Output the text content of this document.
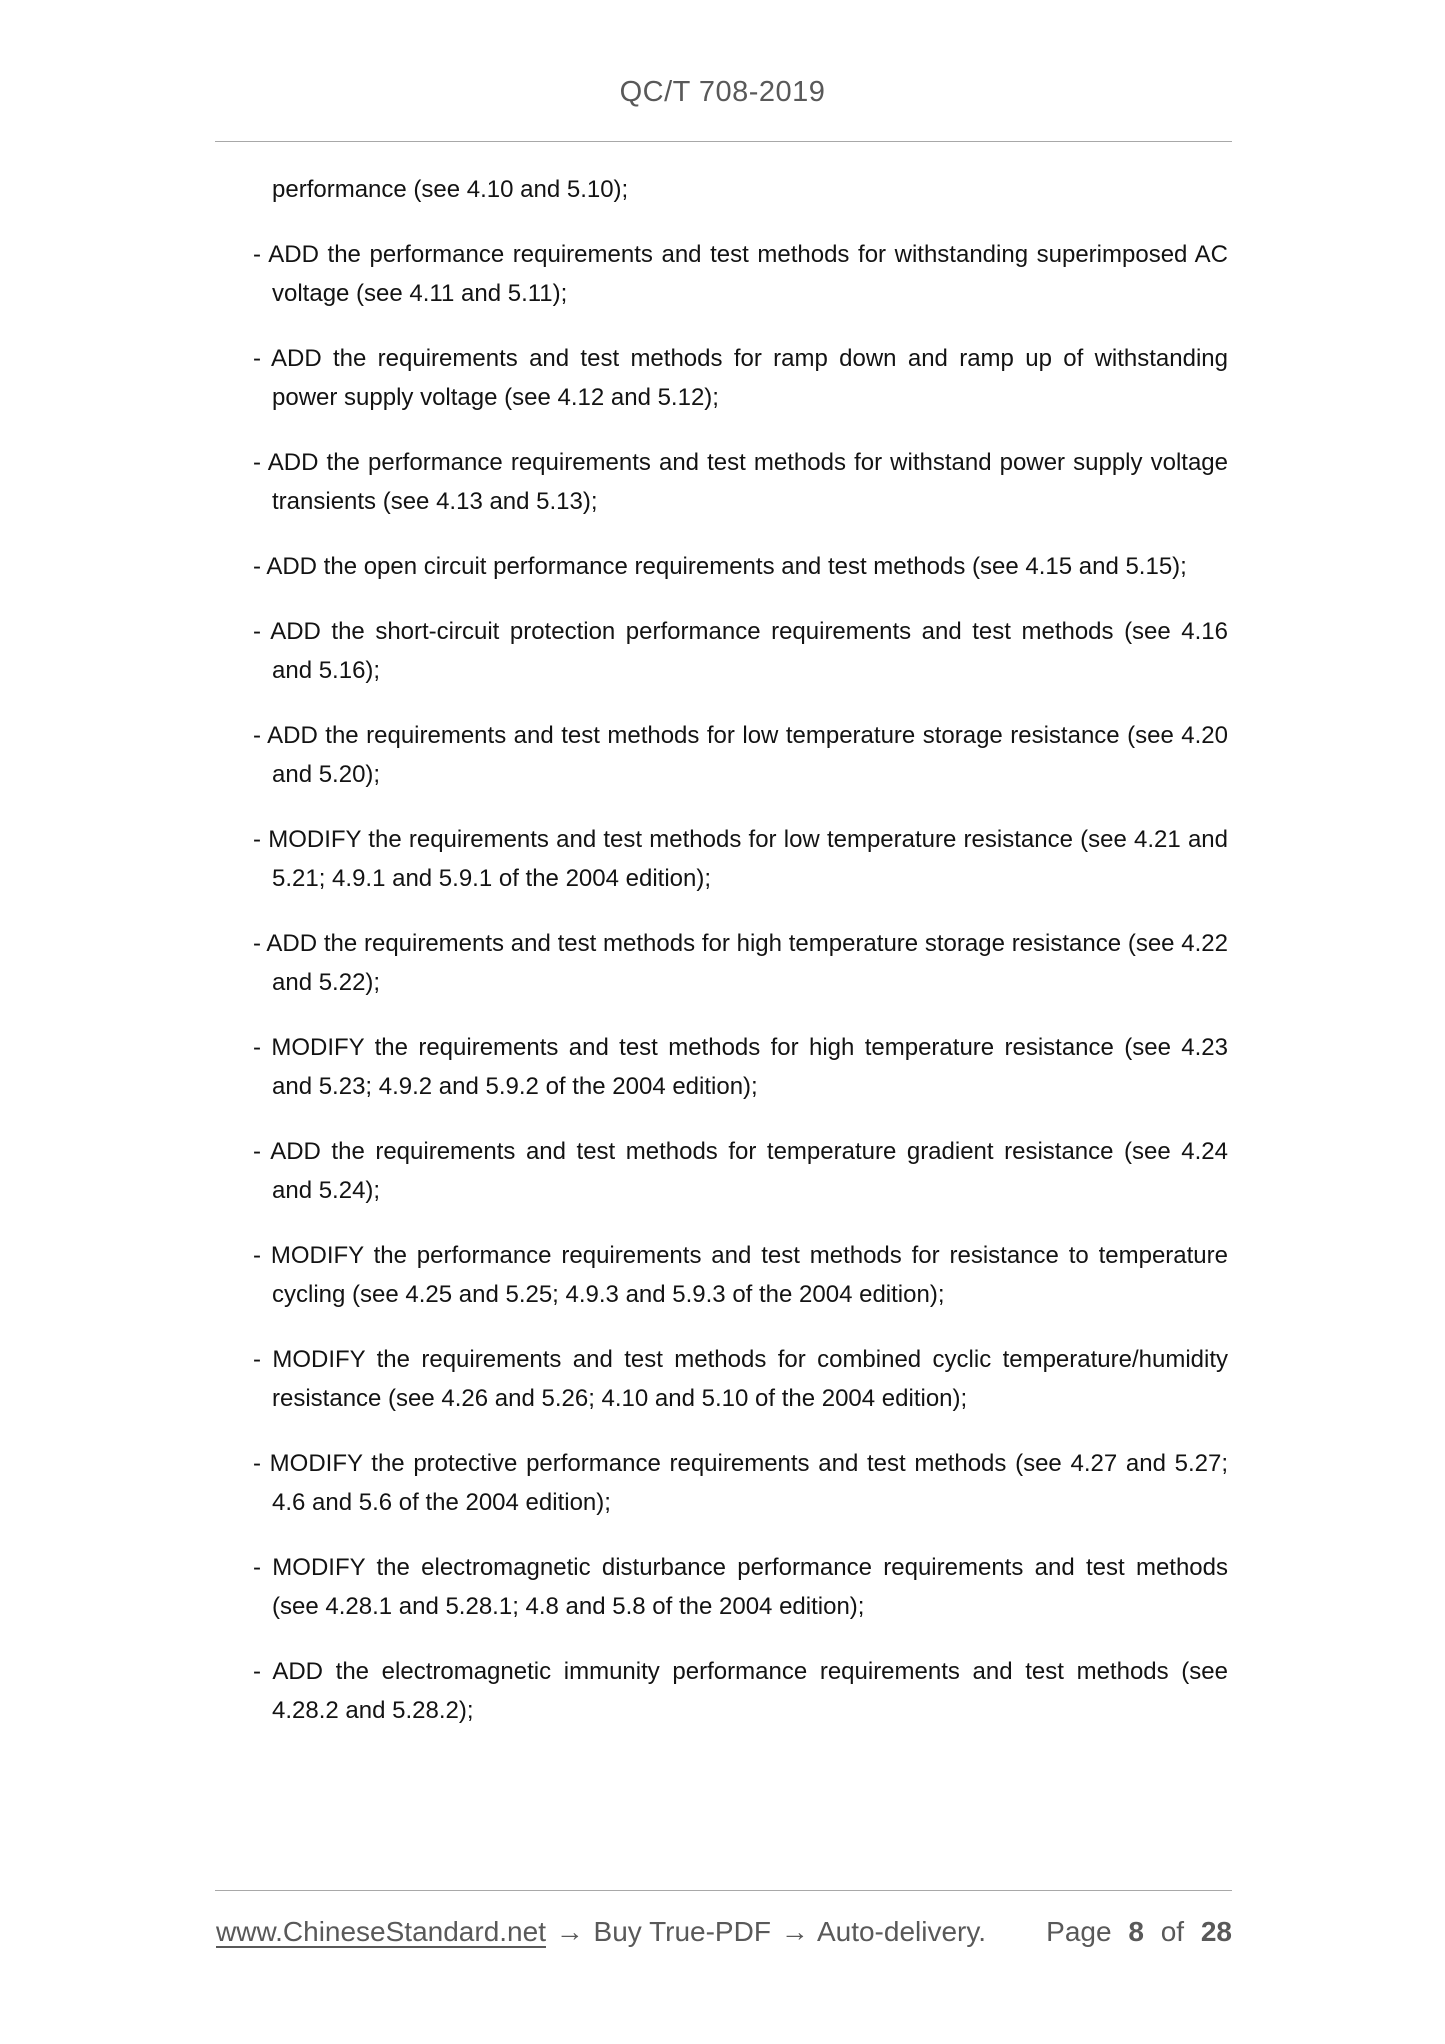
QC/T 708-2019

performance (see 4.10 and 5.10);

- ADD the performance requirements and test methods for withstanding superimposed AC voltage (see 4.11 and 5.11);

- ADD the requirements and test methods for ramp down and ramp up of withstanding power supply voltage (see 4.12 and 5.12);

- ADD the performance requirements and test methods for withstand power supply voltage transients (see 4.13 and 5.13);

- ADD the open circuit performance requirements and test methods (see 4.15 and 5.15);

- ADD the short-circuit protection performance requirements and test methods (see 4.16 and 5.16);

- ADD the requirements and test methods for low temperature storage resistance (see 4.20 and 5.20);

- MODIFY the requirements and test methods for low temperature resistance (see 4.21 and 5.21; 4.9.1 and 5.9.1 of the 2004 edition);

- ADD the requirements and test methods for high temperature storage resistance (see 4.22 and 5.22);

- MODIFY the requirements and test methods for high temperature resistance (see 4.23 and 5.23; 4.9.2 and 5.9.2 of the 2004 edition);

- ADD the requirements and test methods for temperature gradient resistance (see 4.24 and 5.24);

- MODIFY the performance requirements and test methods for resistance to temperature cycling (see 4.25 and 5.25; 4.9.3 and 5.9.3 of the 2004 edition);

- MODIFY the requirements and test methods for combined cyclic temperature/humidity resistance (see 4.26 and 5.26; 4.10 and 5.10 of the 2004 edition);

- MODIFY the protective performance requirements and test methods (see 4.27 and 5.27; 4.6 and 5.6 of the 2004 edition);

- MODIFY the electromagnetic disturbance performance requirements and test methods (see 4.28.1 and 5.28.1; 4.8 and 5.8 of the 2004 edition);

- ADD the electromagnetic immunity performance requirements and test methods (see 4.28.2 and 5.28.2);

www.ChineseStandard.net → Buy True-PDF → Auto-delivery. Page 8 of 28
